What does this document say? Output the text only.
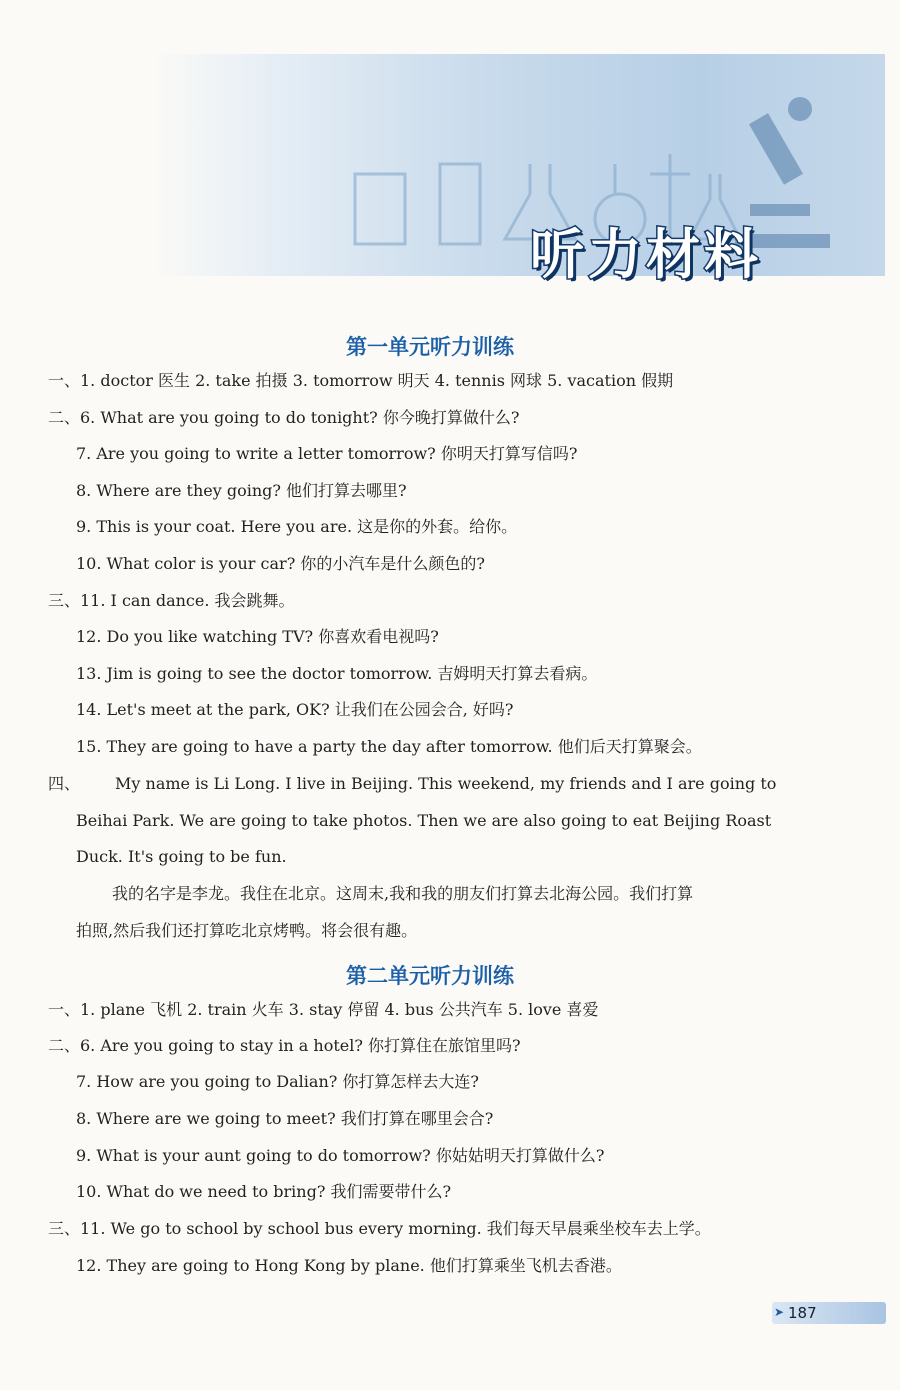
听力材料
第一单元听力训练
一、1. doctor 医生 2. take 拍摄 3. tomorrow 明天 4. tennis 网球 5. vacation 假期
二、6. What are you going to do tonight? 你今晚打算做什么?
7. Are you going to write a letter tomorrow? 你明天打算写信吗?
8. Where are they going? 他们打算去哪里?
9. This is your coat. Here you are. 这是你的外套。给你。
10. What color is your car? 你的小汽车是什么颜色的?
三、11. I can dance. 我会跳舞。
12. Do you like watching TV? 你喜欢看电视吗?
13. Jim is going to see the doctor tomorrow. 吉姆明天打算去看病。
14. Let's meet at the park, OK? 让我们在公园会合, 好吗?
15. They are going to have a party the day after tomorrow. 他们后天打算聚会。
四、 My name is Li Long. I live in Beijing. This weekend, my friends and I are going to
Beihai Park. We are going to take photos. Then we are also going to eat Beijing Roast
Duck. It's going to be fun.
我的名字是李龙。我住在北京。这周末,我和我的朋友们打算去北海公园。我们打算
拍照,然后我们还打算吃北京烤鸭。将会很有趣。
第二单元听力训练
一、1. plane 飞机 2. train 火车 3. stay 停留 4. bus 公共汽车 5. love 喜爱
二、6. Are you going to stay in a hotel? 你打算住在旅馆里吗?
7. How are you going to Dalian? 你打算怎样去大连?
8. Where are we going to meet? 我们打算在哪里会合?
9. What is your aunt going to do tomorrow? 你姑姑明天打算做什么?
10. What do we need to bring? 我们需要带什么?
三、11. We go to school by school bus every morning. 我们每天早晨乘坐校车去上学。
12. They are going to Hong Kong by plane. 他们打算乘坐飞机去香港。
➤ 187
